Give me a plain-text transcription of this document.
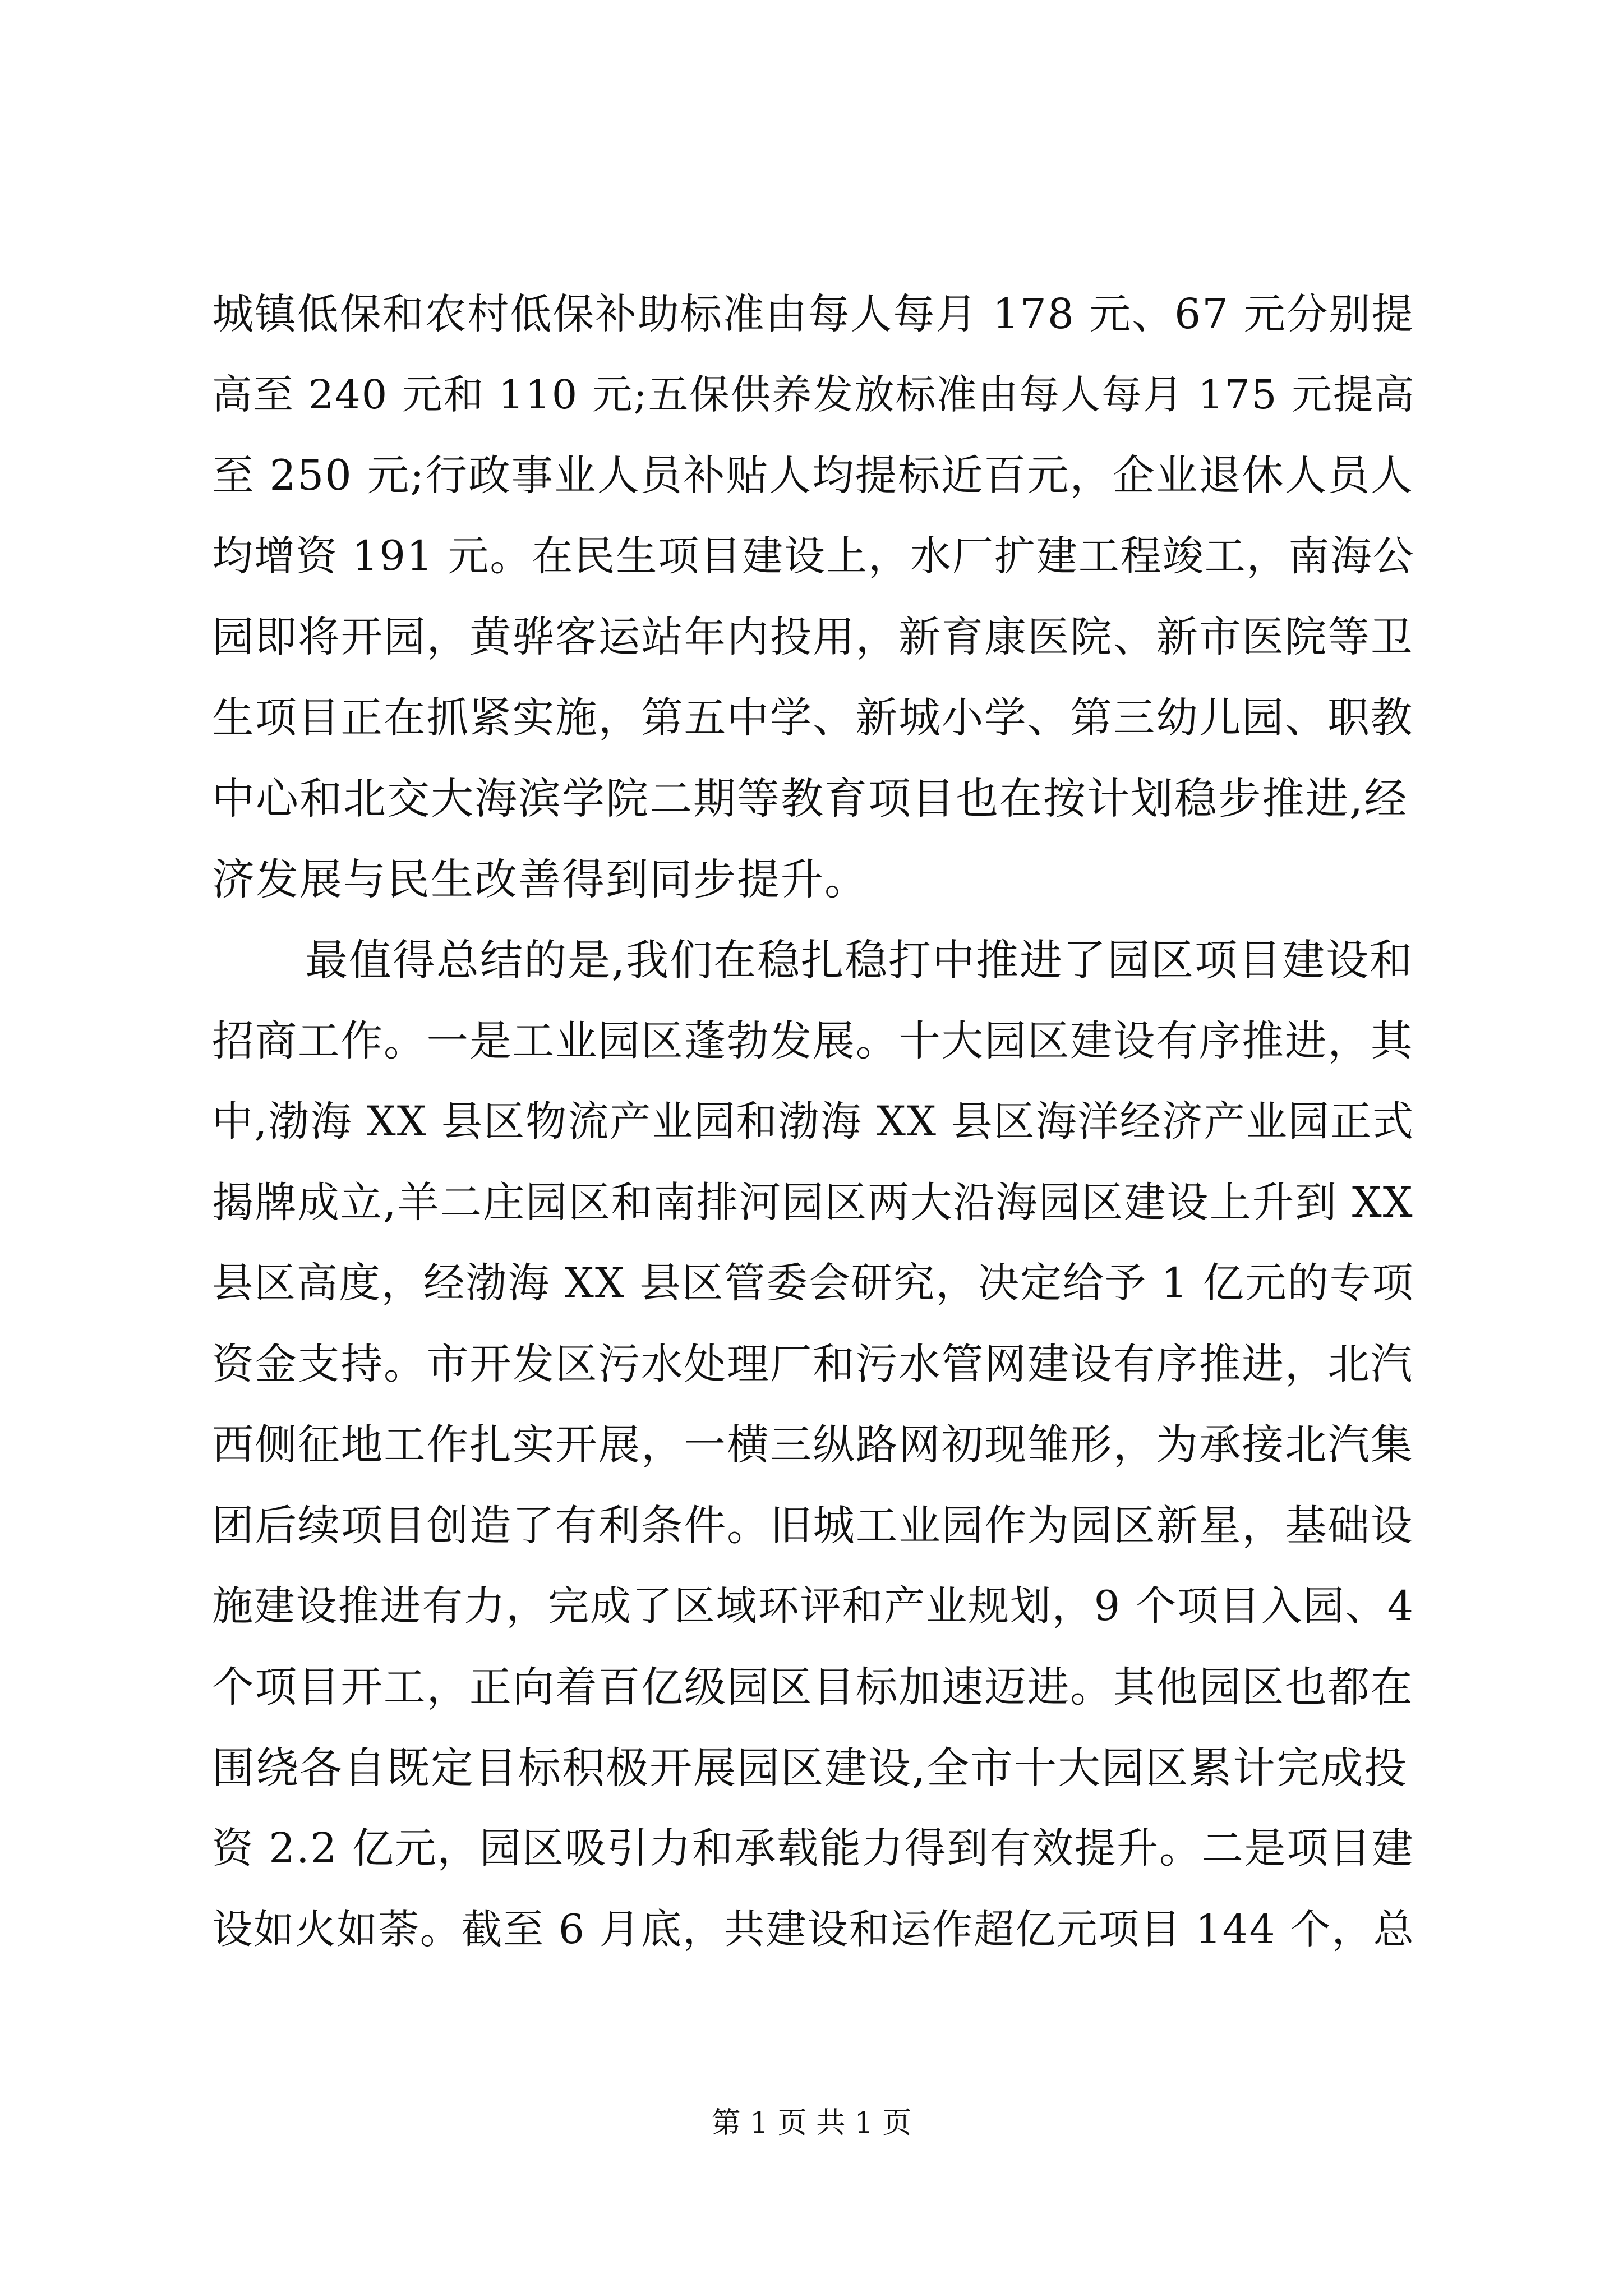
城镇低保和农村低保补助标准由每人每月 178 元、67 元分别提
高至 240 元和 110 元;五保供养发放标准由每人每月 175 元提高
至 250 元;行政事业人员补贴人均提标近百元，企业退休人员人
均增资 191 元。在民生项目建设上，水厂扩建工程竣工，南海公
园即将开园，黄骅客运站年内投用，新育康医院、新市医院等卫
生项目正在抓紧实施，第五中学、新城小学、第三幼儿园、职教
中心和北交大海滨学院二期等教育项目也在按计划稳步推进,经
济发展与民生改善得到同步提升。
最值得总结的是,我们在稳扎稳打中推进了园区项目建设和
招商工作。一是工业园区蓬勃发展。十大园区建设有序推进，其
中,渤海 XX 县区物流产业园和渤海 XX 县区海洋经济产业园正式
揭牌成立,羊二庄园区和南排河园区两大沿海园区建设上升到 XX
县区高度，经渤海 XX 县区管委会研究，决定给予 1 亿元的专项
资金支持。市开发区污水处理厂和污水管网建设有序推进，北汽
西侧征地工作扎实开展，一横三纵路网初现雏形，为承接北汽集
团后续项目创造了有利条件。旧城工业园作为园区新星，基础设
施建设推进有力，完成了区域环评和产业规划，9 个项目入园、4
个项目开工，正向着百亿级园区目标加速迈进。其他园区也都在
围绕各自既定目标积极开展园区建设,全市十大园区累计完成投
资 2.2 亿元，园区吸引力和承载能力得到有效提升。二是项目建
设如火如荼。截至 6 月底，共建设和运作超亿元项目 144 个，总
第 1 页 共 1 页
